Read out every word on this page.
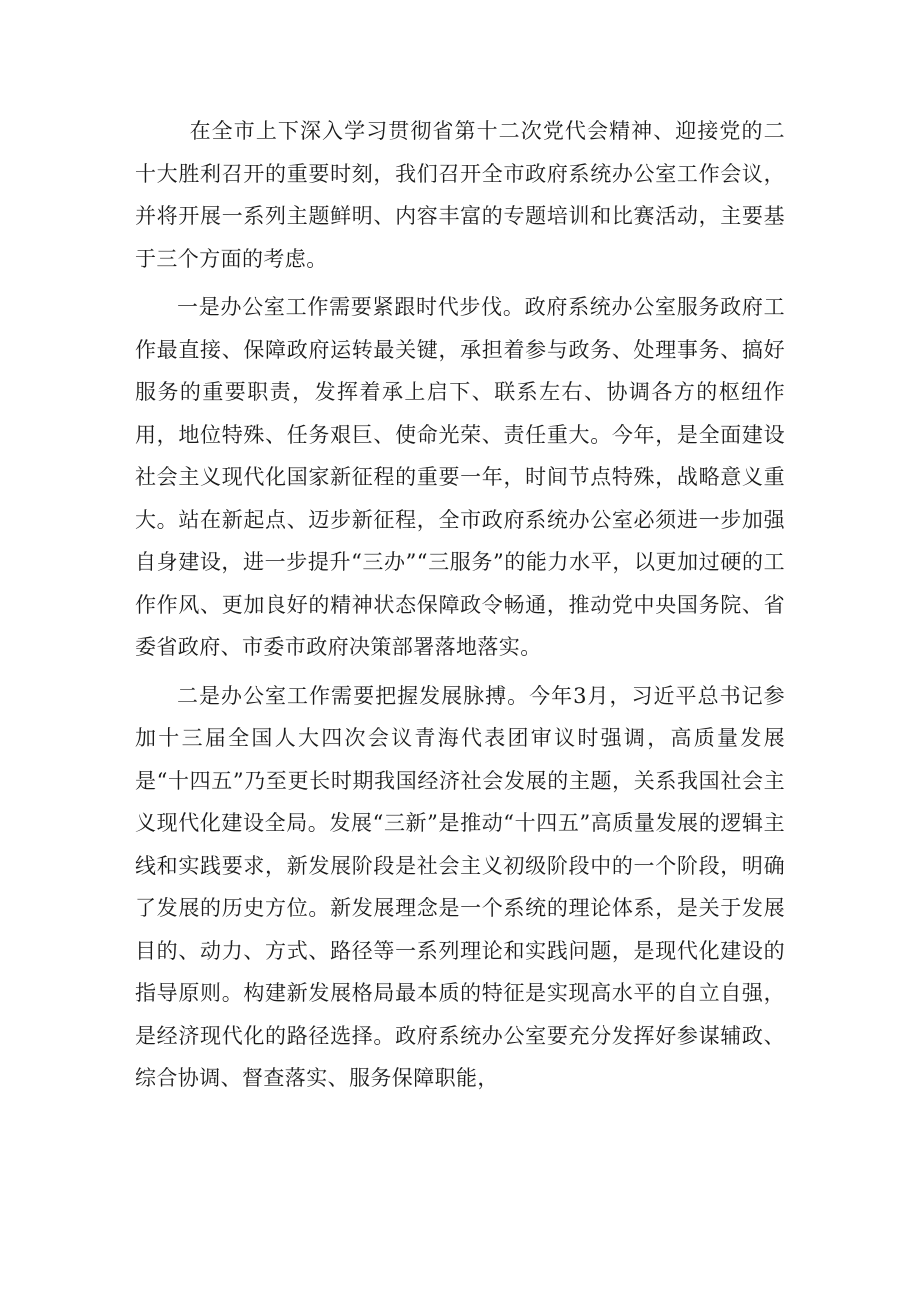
在全市上下深入学习贯彻省第十二次党代会精神、迎接党的二十大胜利召开的重要时刻，我们召开全市政府系统办公室工作会议，并将开展一系列主题鲜明、内容丰富的专题培训和比赛活动，主要基于三个方面的考虑。

一是办公室工作需要紧跟时代步伐。政府系统办公室服务政府工作最直接、保障政府运转最关键，承担着参与政务、处理事务、搞好服务的重要职责，发挥着承上启下、联系左右、协调各方的枢纽作用，地位特殊、任务艰巨、使命光荣、责任重大。今年，是全面建设社会主义现代化国家新征程的重要一年，时间节点特殊，战略意义重大。站在新起点、迈步新征程，全市政府系统办公室必须进一步加强自身建设，进一步提升“三办”“三服务”的能力水平，以更加过硬的工作作风、更加良好的精神状态保障政令畅通，推动党中央国务院、省委省政府、市委市政府决策部署落地落实。

二是办公室工作需要把握发展脉搏。今年3月，习近平总书记参加十三届全国人大四次会议青海代表团审议时强调，高质量发展是“十四五”乃至更长时期我国经济社会发展的主题，关系我国社会主义现代化建设全局。发展“三新”是推动“十四五”高质量发展的逻辑主线和实践要求，新发展阶段是社会主义初级阶段中的一个阶段，明确了发展的历史方位。新发展理念是一个系统的理论体系，是关于发展目的、动力、方式、路径等一系列理论和实践问题，是现代化建设的指导原则。构建新发展格局最本质的特征是实现高水平的自立自强，是经济现代化的路径选择。政府系统办公室要充分发挥好参谋辅政、综合协调、督查落实、服务保障职能，
